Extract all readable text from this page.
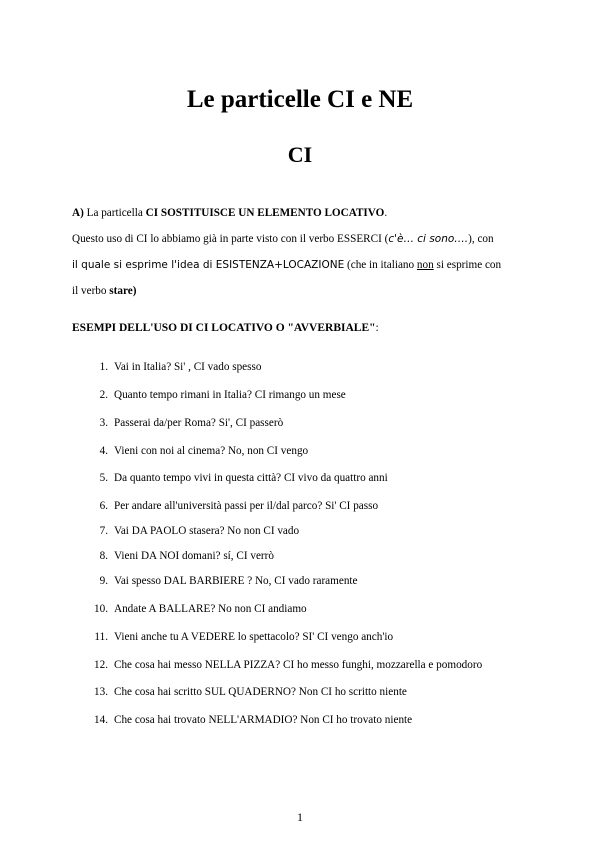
Le particelle CI e NE
CI
A) La particella CI SOSTITUISCE UN ELEMENTO LOCATIVO.
Questo uso di CI lo abbiamo già in parte visto con il verbo ESSERCI (c'è… ci sono….), con
il quale si esprime l'idea di ESISTENZA+LOCAZIONE (che in italiano non si esprime con
il verbo stare)
ESEMPI DELL'USO DI CI LOCATIVO O "AVVERBIALE":
1. Vai in Italia? Si' , CI vado spesso
2. Quanto tempo rimani in Italia? CI rimango un mese
3. Passerai da/per Roma? Si', CI passerò
4. Vieni con noi al cinema? No, non CI vengo
5. Da quanto tempo vivi in questa città? CI vivo da quattro anni
6. Per andare all'università passi per il/dal parco? Si' CI passo
7. Vai DA PAOLO stasera? No non CI vado
8. Vieni DA NOI domani? sí, CI verrò
9. Vai spesso DAL BARBIERE ? No, CI vado raramente
10. Andate A BALLARE? No non CI andiamo
11. Vieni anche tu A VEDERE lo spettacolo? SI' CI vengo anch'io
12. Che cosa hai messo NELLA PIZZA? CI ho messo funghi, mozzarella e pomodoro
13. Che cosa hai scritto SUL QUADERNO? Non CI ho scritto niente
14. Che cosa hai trovato NELL'ARMADIO? Non CI ho trovato niente
1
